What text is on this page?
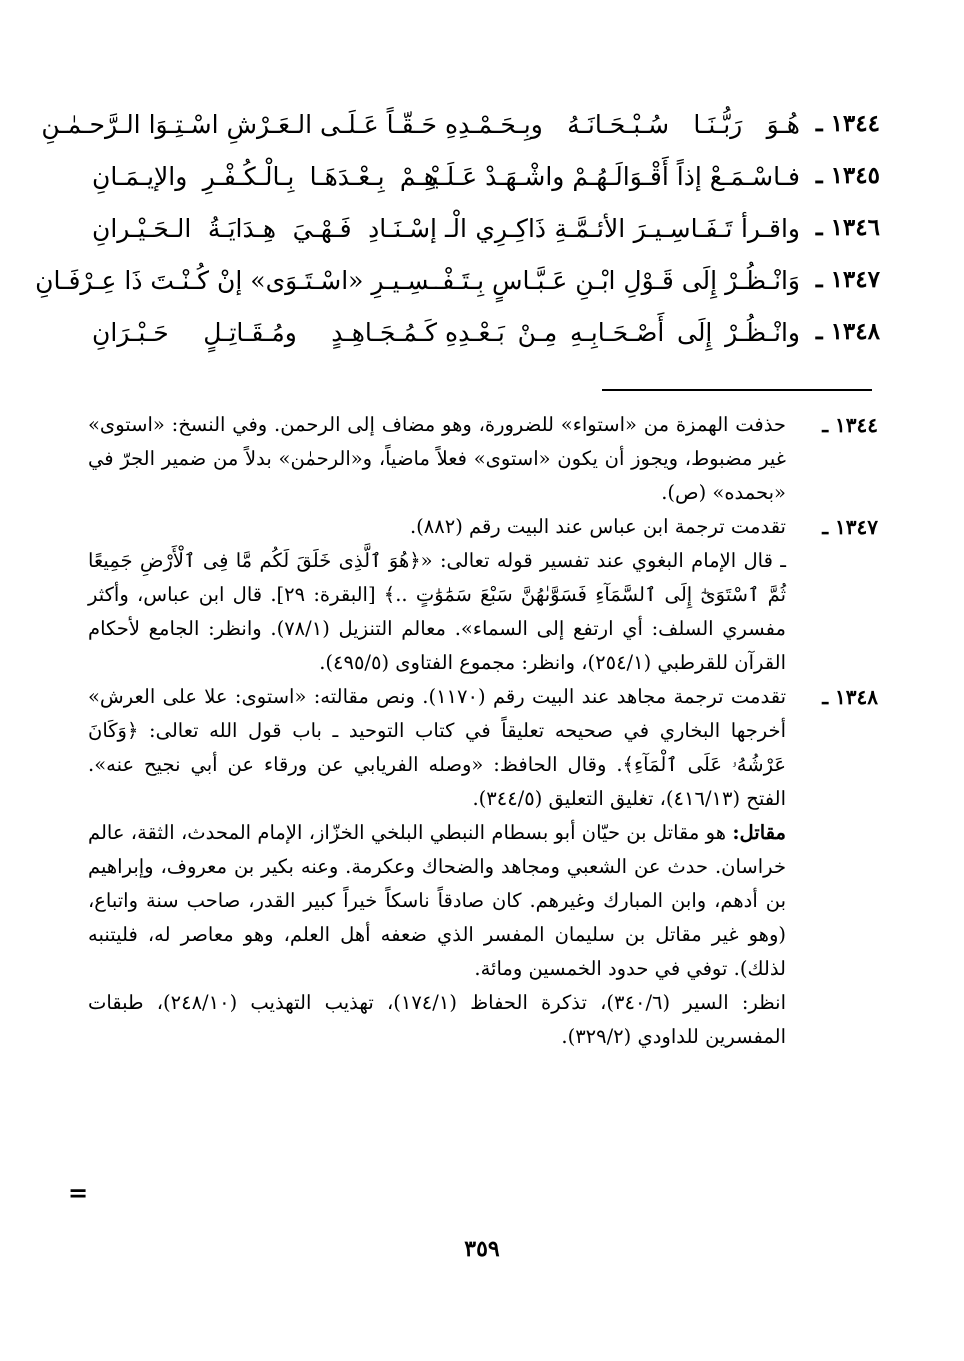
١٣٤٤ ـ
هُـوَ رَبُّـنَـا سُـبْـحَـانَـهُ وبِـحَـمْـدِهِ
حَـقّـاً عَـلَـى الـعَـرْشِ اسْـتِـوَا الـرَّحـمٰـنِ
١٣٤٥ ـ
فـاسْـمَـعْ إذاً أَقْـوَالَـهُـمْ واشْـهَـدْ عَـلَـيْـ
هِـمْ بِـعْـدَهَـا بِـالْـكُـفْـرِ والإيـمَـانِ
١٣٤٦ ـ
واقـرأ تَـفَـاسِـيـرَ الأئـمَّـةِ ذَاكِـرِي الْـ
إسْـنَـادِ فَـهْـيَ هِـدَايَـةُ الـحَـيْـرانِ
١٣٤٧ ـ
وَانْـظُـرْ إِلَى قَـوْلِ ابْـنِ عَـبَّـاسٍ بِـتَـفْـ
ـسِـيـرِ «اسْـتَـوَى» إنْ كُـنْـتَ ذَا عِـرْفَـانِ
١٣٤٨ ـ
وانْـظُـرْ إِلَى أَصْـحَـابِـهِ مِـنْ بَـعْـدِهِ
كَـمُـجَـاهِـدٍ ومُـقَـاتِـلٍ حَـبْـرَانِ
١٣٤٤ ـ

حذفت الهمزة من «استواء» للضرورة، وهو مضاف إلى الرحمن. وفي النسخ: «استوى» غير مضبوط، ويجوز أن يكون «استوى» فعلاً ماضياً، و«الرحمٰن» بدلاً من ضمير الجرّ في «بحمده» (ص).

١٣٤٧ ـ

تقدمت ترجمة ابن عباس عند البيت رقم (٨٨٢).

ـ قال الإمام البغوي عند تفسير قوله تعالى: «﴿هُوَ ٱلَّذِى خَلَقَ لَكُم مَّا فِى ٱلْأَرْضِ جَمِيعًا ثُمَّ ٱسْتَوَىٰٓ إِلَى ٱلسَّمَآءِ فَسَوَّىٰهُنَّ سَبْعَ سَمَٰوَٰتٍ ..﴾ [البقرة: ٢٩]. قال ابن عباس، وأكثر مفسري السلف: أي ارتفع إلى السماء». معالم التنزيل (٧٨/١). وانظر: الجامع لأحكام القرآن للقرطبي (٢٥٤/١)، وانظر: مجموع الفتاوى (٤٩٥/٥).

١٣٤٨ ـ

تقدمت ترجمة مجاهد عند البيت رقم (١١٧٠). ونص مقالته: «استوى: علا على العرش» أخرجها البخاري في صحيحه تعليقاً في كتاب التوحيد ـ باب قول الله تعالى: ﴿وَكَانَ عَرْشُهُۥ عَلَى ٱلْمَآءِ﴾. وقال الحافظ: «وصله الفريابي عن ورقاء عن أبي نجيح عنه». الفتح (٤١٦/١٣)، تغليق التعليق (٣٤٤/٥).

مقاتل: هو مقاتل بن حيّان أبو بسطام النبطي البلخي الخزّاز، الإمام المحدث، الثقة، عالم خراسان. حدث عن الشعبي ومجاهد والضحاك وعكرمة. وعنه بكير بن معروف، وإبراهيم بن أدهم، وابن المبارك وغيرهم. كان صادقاً ناسكاً خيراً كبير القدر، صاحب سنة واتباع، (وهو غير مقاتل بن سليمان المفسر الذي ضعفه أهل العلم، وهو معاصر له، فليتنبه لذلك). توفي في حدود الخمسين ومائة.

انظر: السير (٣٤٠/٦)، تذكرة الحفاظ (١٧٤/١)، تهذيب التهذيب (٢٤٨/١٠)، طبقات المفسرين للداودي (٣٢٩/٢).

=
٣٥٩
